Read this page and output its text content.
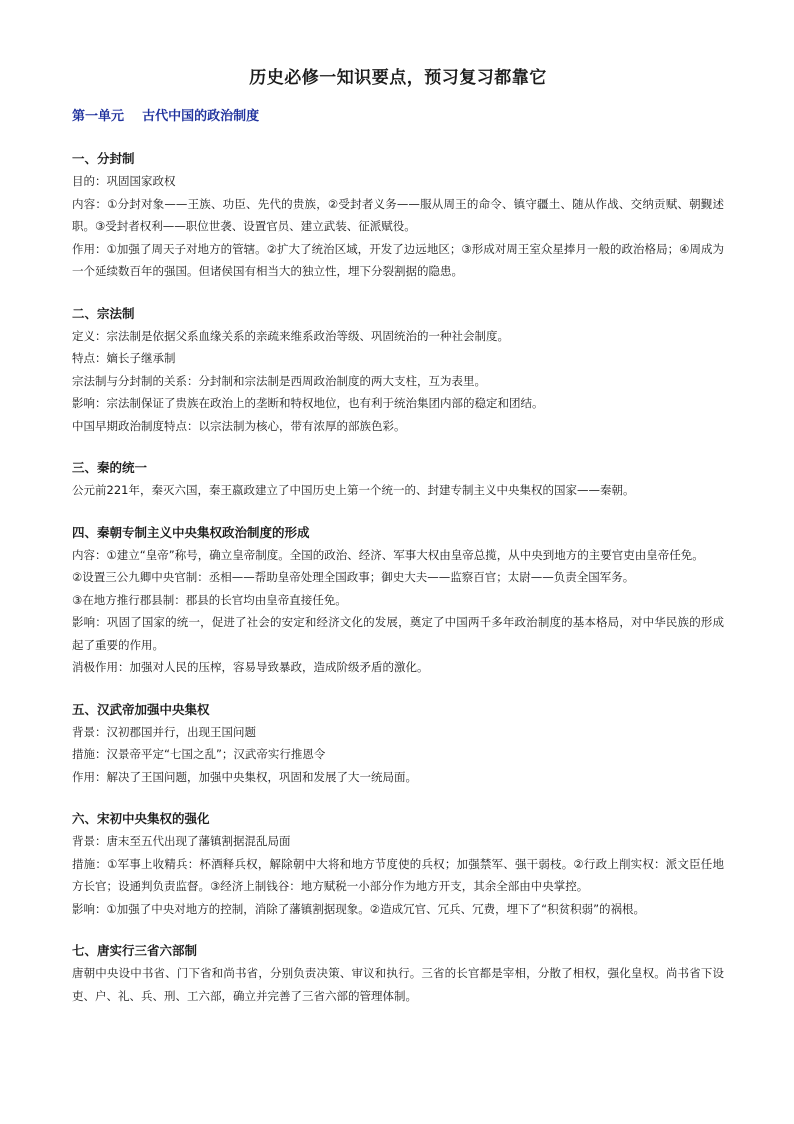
历史必修一知识要点，预习复习都靠它
第一单元    古代中国的政治制度
一、分封制

目的：巩固国家政权

内容：①分封对象——王族、功臣、先代的贵族，②受封者义务——服从周王的命令、镇守疆土、随从作战、交纳贡赋、朝觐述职。③受封者权利——职位世袭、设置官员、建立武装、征派赋役。

作用：①加强了周天子对地方的管辖。②扩大了统治区域，开发了边远地区；③形成对周王室众星捧月一般的政治格局；④周成为一个延续数百年的强国。但诸侯国有相当大的独立性，埋下分裂割据的隐患。

二、宗法制

定义：宗法制是依据父系血缘关系的亲疏来维系政治等级、巩固统治的一种社会制度。

特点：嫡长子继承制

宗法制与分封制的关系：分封制和宗法制是西周政治制度的两大支柱，互为表里。

影响：宗法制保证了贵族在政治上的垄断和特权地位，也有利于统治集团内部的稳定和团结。

中国早期政治制度特点：以宗法制为核心，带有浓厚的部族色彩。

三、秦的统一

公元前221年，秦灭六国，秦王嬴政建立了中国历史上第一个统一的、封建专制主义中央集权的国家——秦朝。

四、秦朝专制主义中央集权政治制度的形成

内容：①建立“皇帝”称号，确立皇帝制度。全国的政治、经济、军事大权由皇帝总揽，从中央到地方的主要官吏由皇帝任免。

②设置三公九卿中央官制：丞相——帮助皇帝处理全国政事；御史大夫——监察百官；太尉——负责全国军务。

③在地方推行郡县制：郡县的长官均由皇帝直接任免。

影响：巩固了国家的统一，促进了社会的安定和经济文化的发展，奠定了中国两千多年政治制度的基本格局，对中华民族的形成起了重要的作用。

消极作用：加强对人民的压榨，容易导致暴政，造成阶级矛盾的激化。

五、汉武帝加强中央集权

背景：汉初郡国并行，出现王国问题

措施：汉景帝平定“七国之乱”；汉武帝实行推恩令

作用：解决了王国问题，加强中央集权，巩固和发展了大一统局面。

六、宋初中央集权的强化

背景：唐末至五代出现了藩镇割据混乱局面

措施：①军事上收精兵：杯酒释兵权，解除朝中大将和地方节度使的兵权；加强禁军、强干弱枝。②行政上削实权：派文臣任地方长官；设通判负责监督。③经济上制钱谷：地方赋税一小部分作为地方开支，其余全部由中央掌控。

影响：①加强了中央对地方的控制，消除了藩镇割据现象。②造成冗官、冗兵、冗费，埋下了“积贫积弱”的祸根。

七、唐实行三省六部制

唐朝中央设中书省、门下省和尚书省，分别负责决策、审议和执行。三省的长官都是宰相，分散了相权，强化皇权。尚书省下设吏、户、礼、兵、刑、工六部，确立并完善了三省六部的管理体制。
